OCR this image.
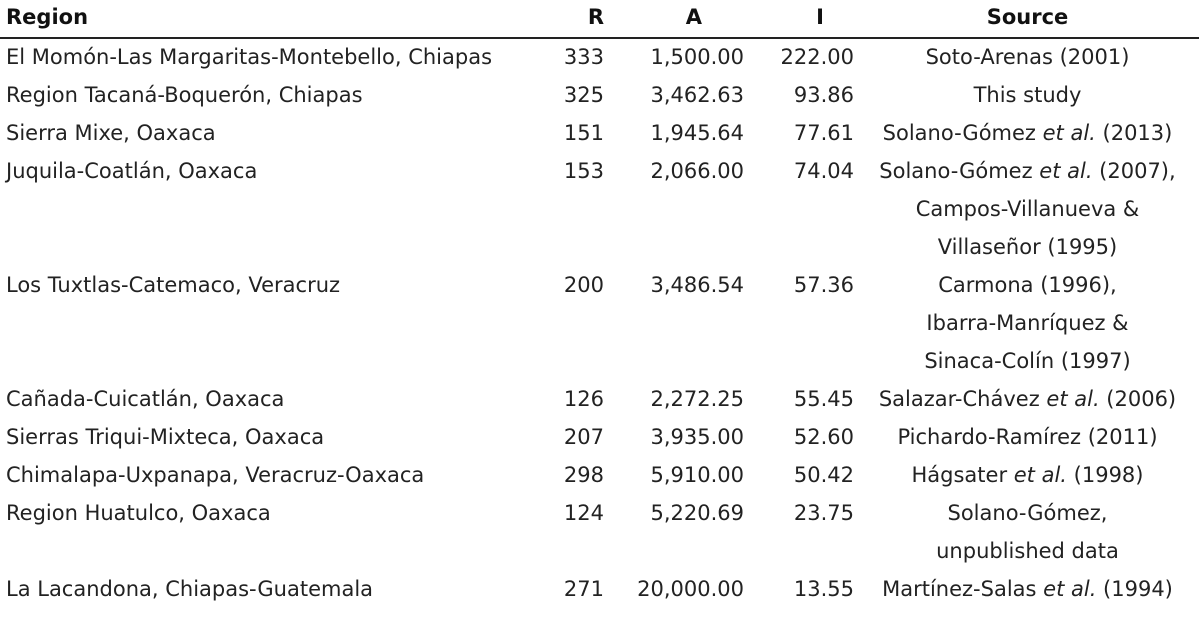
Region	R	A	I	Source
El Momón-Las Margaritas-Montebello, Chiapas	333	1,500.00	222.00	Soto-Arenas (2001)
Region Tacaná-Boquerón, Chiapas	325	3,462.63	93.86	This study
Sierra Mixe, Oaxaca	151	1,945.64	77.61	Solano-Gómez et al. (2013)
Juquila-Coatlán, Oaxaca	153	2,066.00	74.04	Solano-Gómez et al. (2007),
Campos-Villanueva &
Villaseñor (1995)
Los Tuxtlas-Catemaco, Veracruz	200	3,486.54	57.36	Carmona (1996),
Ibarra-Manríquez &
Sinaca-Colín (1997)
Cañada-Cuicatlán, Oaxaca	126	2,272.25	55.45	Salazar-Chávez et al. (2006)
Sierras Triqui-Mixteca, Oaxaca	207	3,935.00	52.60	Pichardo-Ramírez (2011)
Chimalapa-Uxpanapa, Veracruz-Oaxaca	298	5,910.00	50.42	Hágsater et al. (1998)
Region Huatulco, Oaxaca	124	5,220.69	23.75	Solano-Gómez,
unpublished data
La Lacandona, Chiapas-Guatemala	271	20,000.00	13.55	Martínez-Salas et al. (1994)
